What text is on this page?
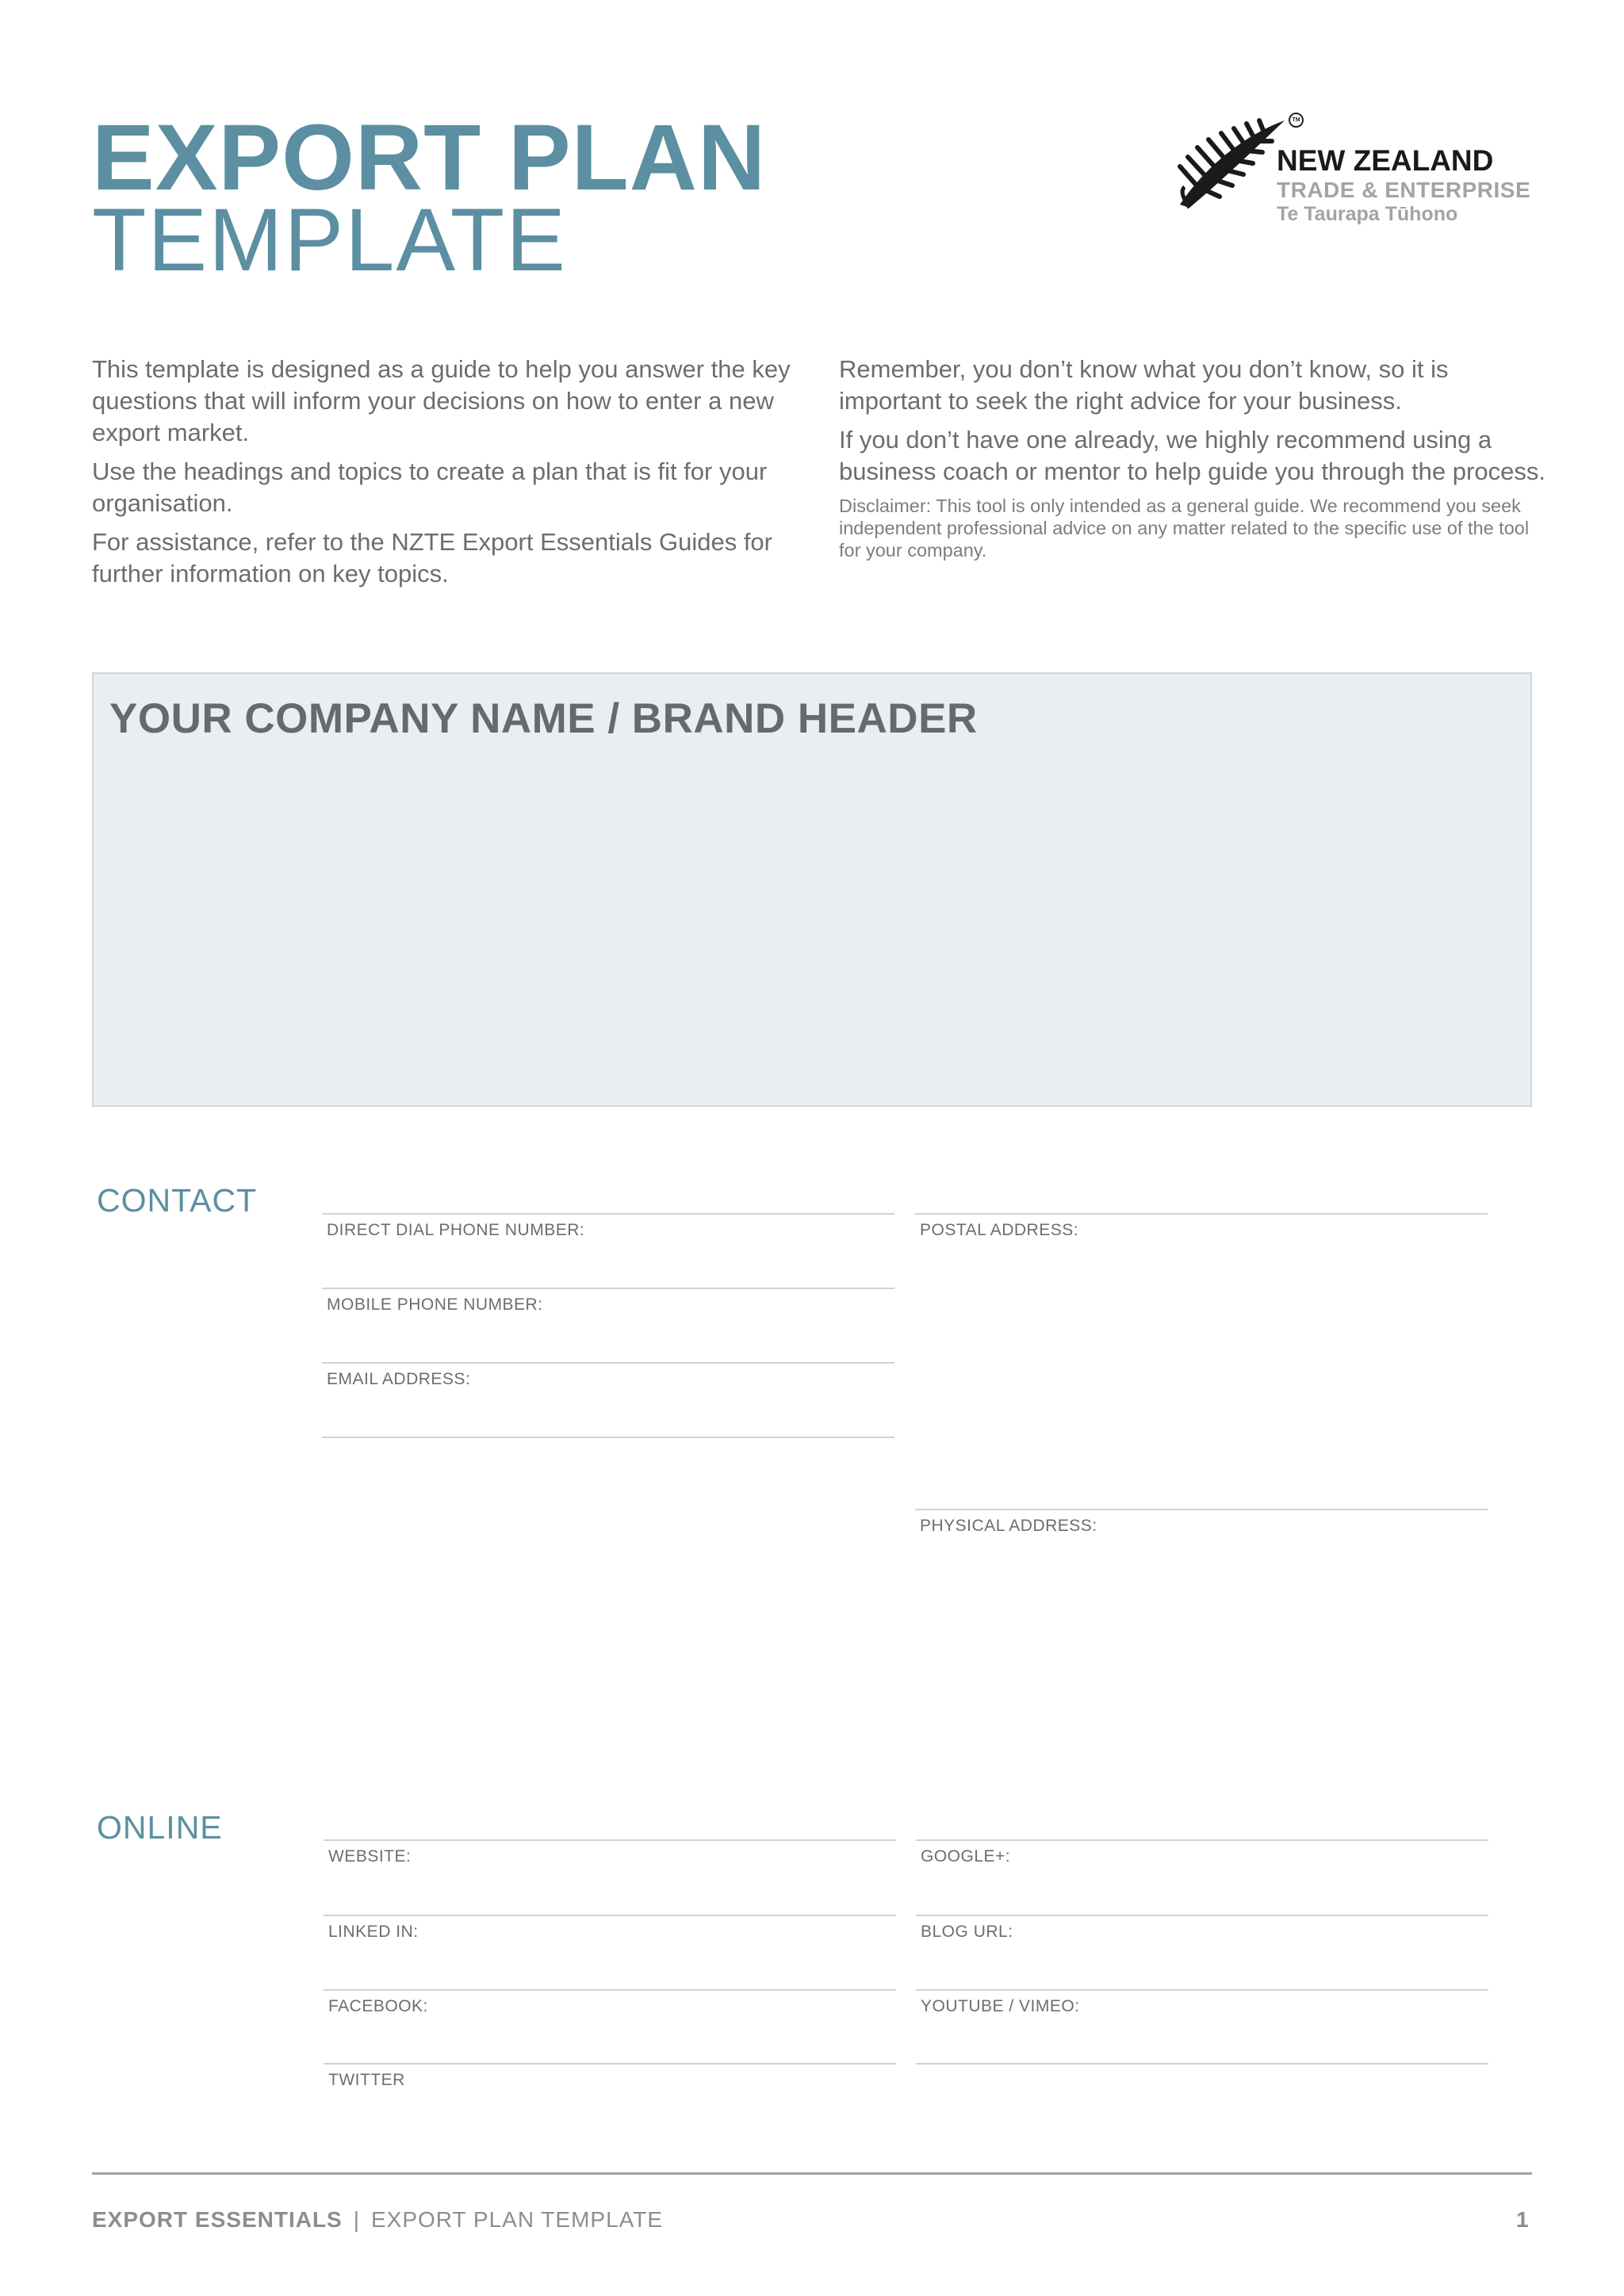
EXPORT PLAN
TEMPLATE
TM
NEW ZEALAND
TRADE & ENTERPRISE
Te Taurapa Tūhono

This template is designed as a guide to help you answer the key questions that will inform your decisions on how to enter a new export market.

Use the headings and topics to create a plan that is fit for your organisation.

For assistance, refer to the NZTE Export Essentials Guides for further information on key topics.

Remember, you don’t know what you don’t know, so it is important to seek the right advice for your business.

If you don’t have one already, we highly recommend using a business coach or mentor to help guide you through the process.

Disclaimer: This tool is only intended as a general guide. We recommend you seek independent professional advice on any matter related to the specific use of the tool for your company.
YOUR COMPANY NAME / BRAND HEADER
CONTACT
DIRECT DIAL PHONE NUMBER:
MOBILE PHONE NUMBER:
EMAIL ADDRESS:
POSTAL ADDRESS:
PHYSICAL ADDRESS:
ONLINE
WEBSITE:
LINKED IN:
FACEBOOK:
TWITTER
GOOGLE+:
BLOG URL:
YOUTUBE / VIMEO:
EXPORT ESSENTIALS | EXPORT PLAN TEMPLATE	1
